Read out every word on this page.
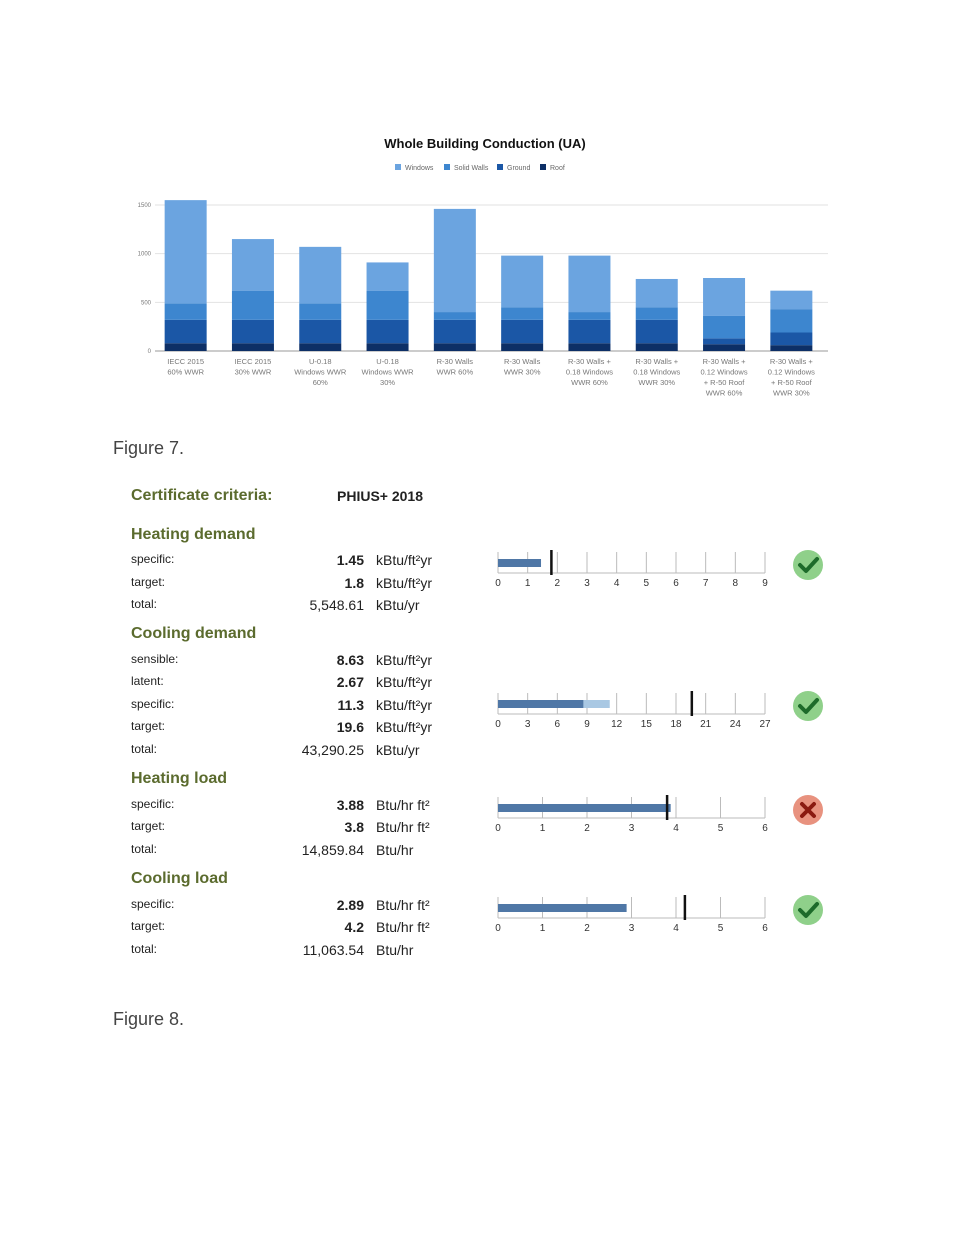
Whole Building Conduction (UA)
Windows	Solid Walls	Ground	Roof
0
500
1000
1500
IECC 2015
60% WWR
IECC 2015
30% WWR
U-0.18
Windows WWR
60%
U-0.18
Windows WWR
30%
R-30 Walls
WWR 60%
R-30 Walls
WWR 30%
R-30 Walls +
0.18 Windows
WWR 60%
R-30 Walls +
0.18 Windows
WWR 30%
R-30 Walls +
0.12 Windows
+ R-50 Roof
WWR 60%
R-30 Walls +
0.12 Windows
+ R-50 Roof
WWR 30%
Figure 7.
Certificate criteria:	PHIUS+ 2018
Heating demand
specific:	1.45 kBtu/ft²yr
target:	1.8 kBtu/ft²yr
total:	5,548.61 kBtu/yr
0 1 2 3 4 5 6 7 8 9
Cooling demand
sensible:	8.63 kBtu/ft²yr
latent:	2.67 kBtu/ft²yr
specific:	11.3 kBtu/ft²yr
target:	19.6 kBtu/ft²yr
total:	43,290.25 kBtu/yr
0 3 6 9 12 15 18 21 24 27
Heating load
specific:	3.88 Btu/hr ft²
target:	3.8 Btu/hr ft²
total:	14,859.84 Btu/hr
0	1	2	3	4	5	6
Cooling load
specific:	2.89 Btu/hr ft²
target:	4.2 Btu/hr ft²
total:	11,063.54 Btu/hr
0	1	2	3	4	5	6
Figure 8.
